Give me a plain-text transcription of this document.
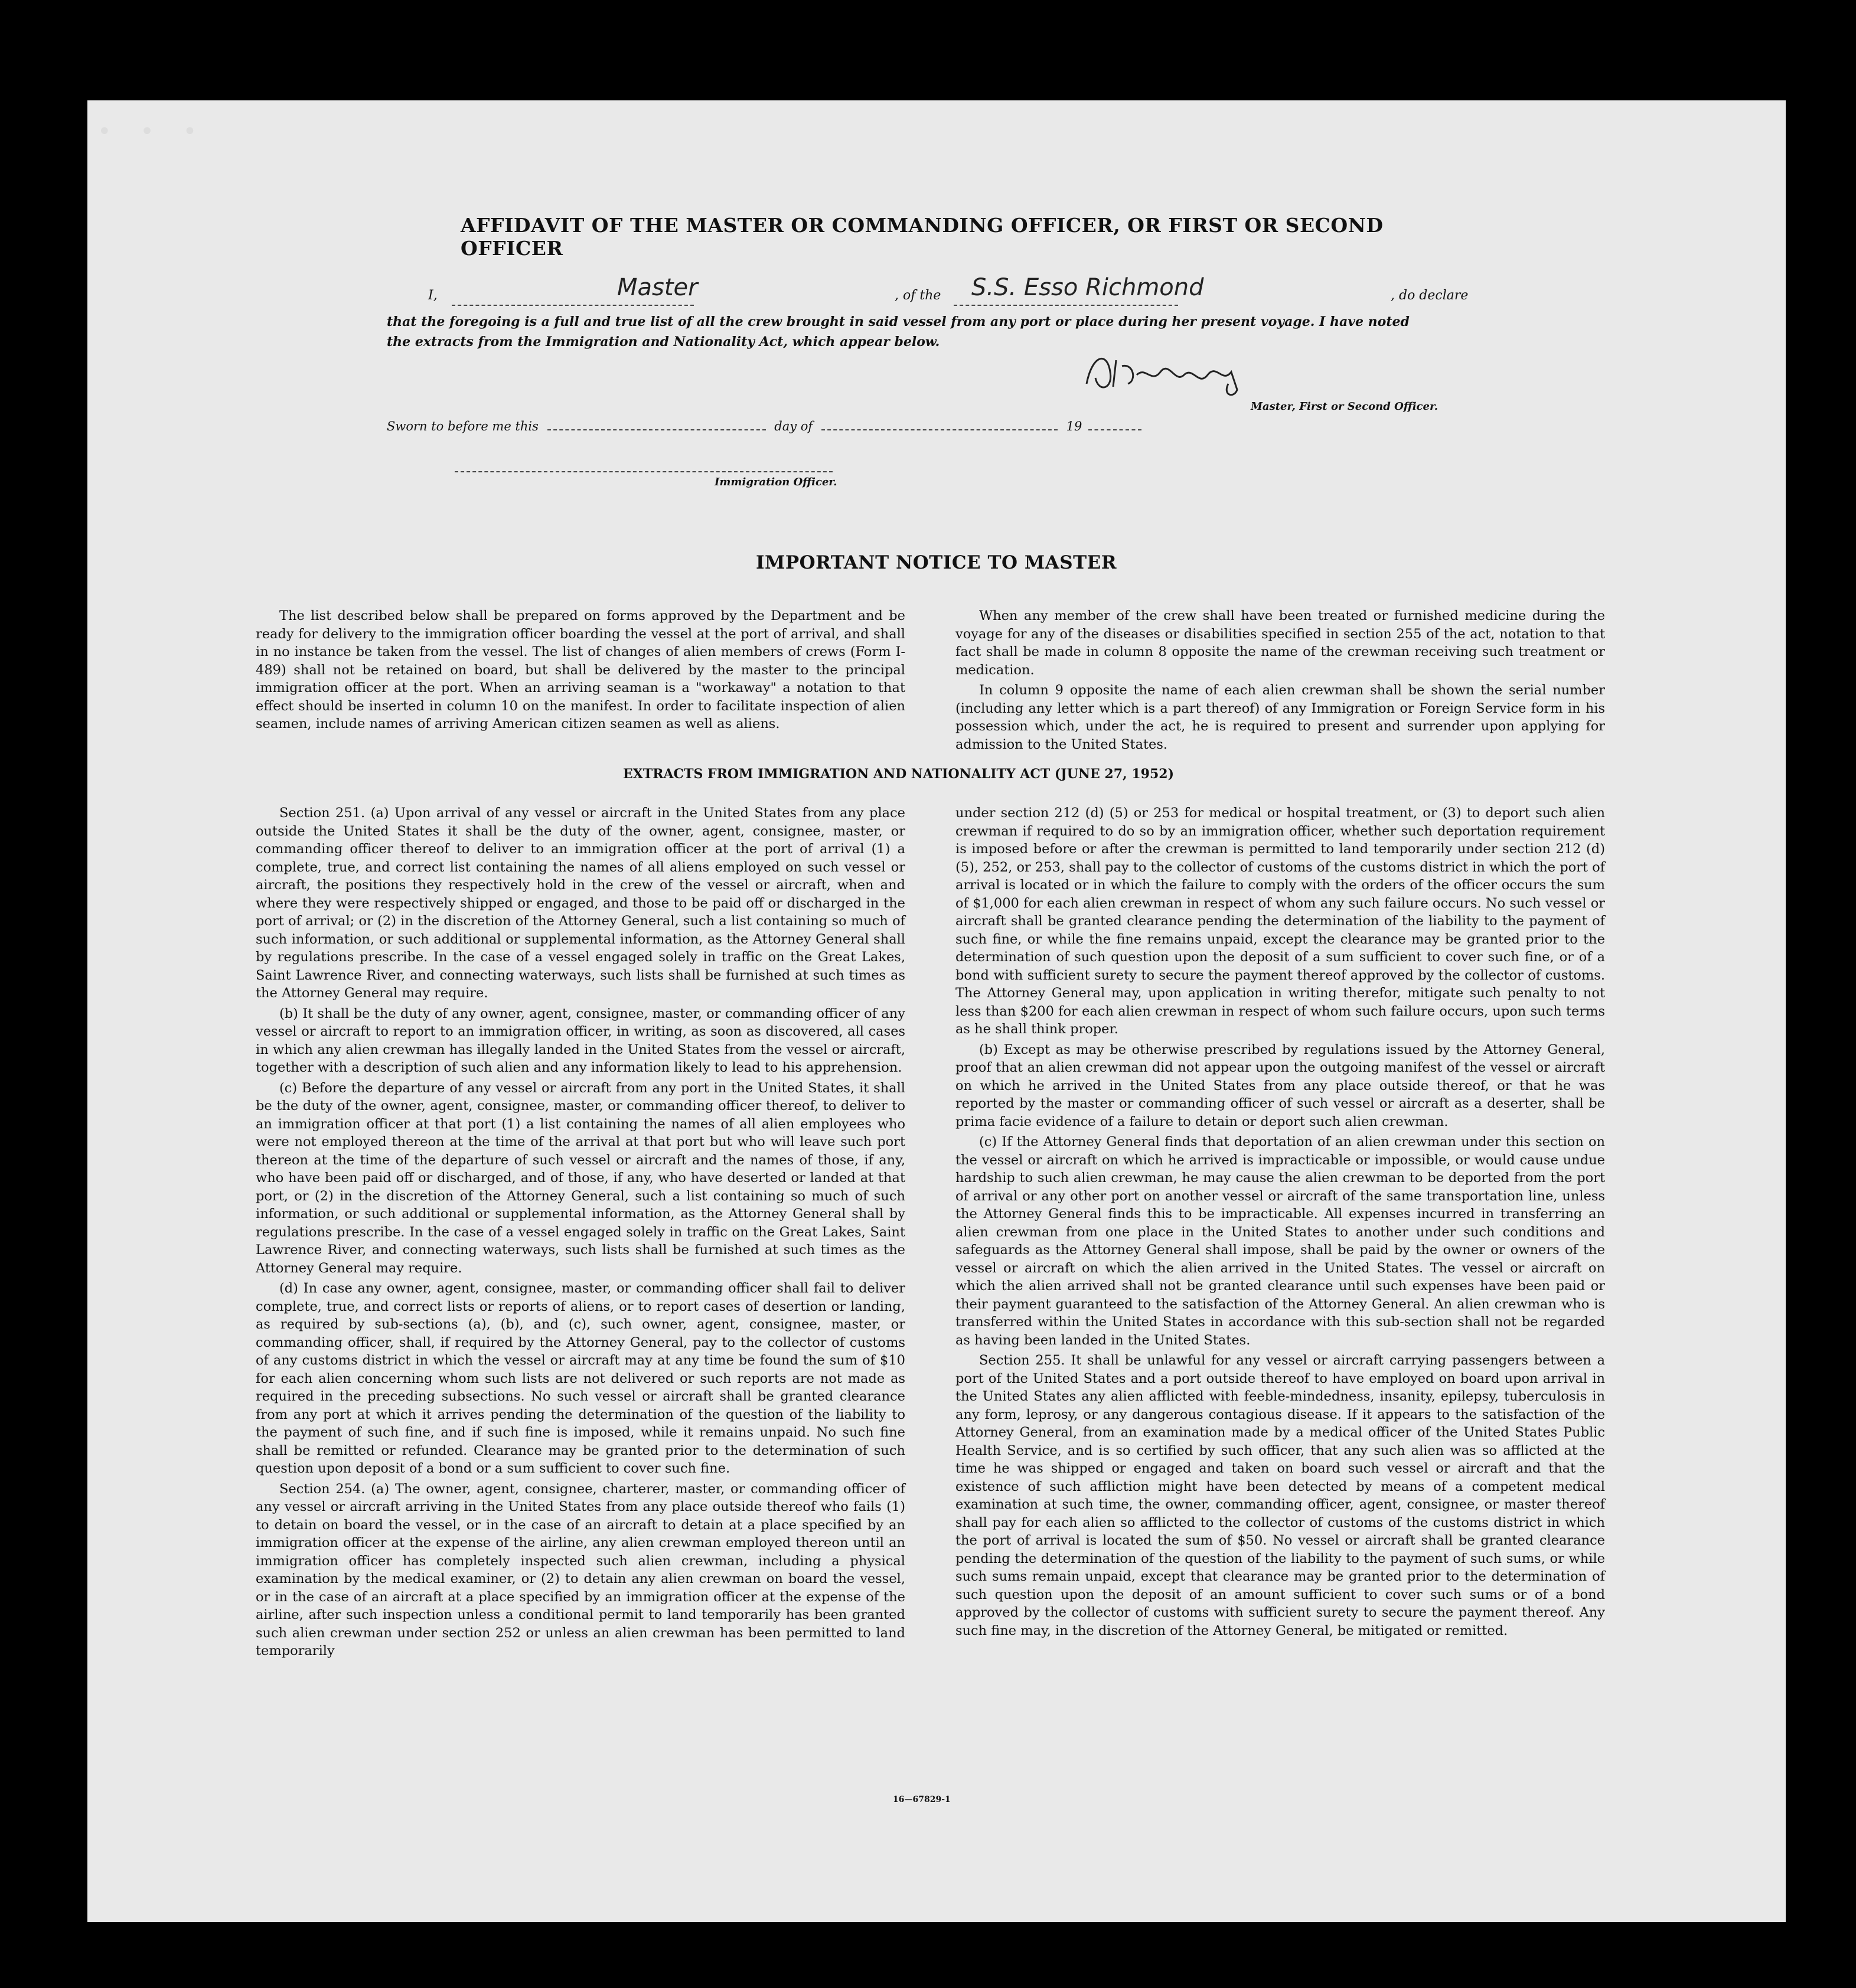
• • •
AFFIDAVIT OF THE MASTER OR COMMANDING OFFICER, OR FIRST OR SECOND OFFICER
I,	Master	, of the S.S. Esso Richmond	, do declare

that the foregoing is a full and true list of all the crew brought in said vessel from any port or place during her present voyage. I have noted

the extracts from the Immigration and Nationality Act, which appear below.

Master, First or Second Officer.
Sworn to before me this	day of	19
Immigration Officer.
IMPORTANT NOTICE TO MASTER

The list described below shall be prepared on forms approved by the Department and be ready for delivery to the immigration officer boarding the vessel at the port of arrival, and shall in no instance be taken from the vessel. The list of changes of alien members of crews (Form I-489) shall not be retained on board, but shall be delivered by the master to the principal immigration officer at the port. When an arriving seaman is a "workaway" a notation to that effect should be inserted in column 10 on the manifest. In order to facilitate inspection of alien seamen, include names of arriving American citizen seamen as well as aliens.

When any member of the crew shall have been treated or furnished medicine during the voyage for any of the diseases or disabilities specified in section 255 of the act, notation to that fact shall be made in column 8 opposite the name of the crewman receiving such treatment or medication.

In column 9 opposite the name of each alien crewman shall be shown the serial number (including any letter which is a part thereof) of any Immigration or Foreign Service form in his possession which, under the act, he is required to present and surrender upon applying for admission to the United States.

EXTRACTS FROM IMMIGRATION AND NATIONALITY ACT (JUNE 27, 1952)

Section 251. (a) Upon arrival of any vessel or aircraft in the United States from any place outside the United States it shall be the duty of the owner, agent, consignee, master, or commanding officer thereof to deliver to an immigration officer at the port of arrival (1) a complete, true, and correct list containing the names of all aliens employed on such vessel or aircraft, the positions they respectively hold in the crew of the vessel or aircraft, when and where they were respectively shipped or engaged, and those to be paid off or discharged in the port of arrival; or (2) in the discretion of the Attorney General, such a list containing so much of such information, or such additional or supplemental information, as the Attorney General shall by regulations prescribe. In the case of a vessel engaged solely in traffic on the Great Lakes, Saint Lawrence River, and connecting waterways, such lists shall be furnished at such times as the Attorney General may require.

(b) It shall be the duty of any owner, agent, consignee, master, or commanding officer of any vessel or aircraft to report to an immigration officer, in writing, as soon as discovered, all cases in which any alien crewman has illegally landed in the United States from the vessel or aircraft, together with a description of such alien and any information likely to lead to his apprehension.

(c) Before the departure of any vessel or aircraft from any port in the United States, it shall be the duty of the owner, agent, consignee, master, or commanding officer thereof, to deliver to an immigration officer at that port (1) a list containing the names of all alien employees who were not employed thereon at the time of the arrival at that port but who will leave such port thereon at the time of the departure of such vessel or aircraft and the names of those, if any, who have been paid off or discharged, and of those, if any, who have deserted or landed at that port, or (2) in the discretion of the Attorney General, such a list containing so much of such information, or such additional or supplemental information, as the Attorney General shall by regulations prescribe. In the case of a vessel engaged solely in traffic on the Great Lakes, Saint Lawrence River, and connecting waterways, such lists shall be furnished at such times as the Attorney General may require.

(d) In case any owner, agent, consignee, master, or commanding officer shall fail to deliver complete, true, and correct lists or reports of aliens, or to report cases of desertion or landing, as required by sub-sections (a), (b), and (c), such owner, agent, consignee, master, or commanding officer, shall, if required by the Attorney General, pay to the collector of customs of any customs district in which the vessel or aircraft may at any time be found the sum of $10 for each alien concerning whom such lists are not delivered or such reports are not made as required in the preceding subsections. No such vessel or aircraft shall be granted clearance from any port at which it arrives pending the determination of the question of the liability to the payment of such fine, and if such fine is imposed, while it remains unpaid. No such fine shall be remitted or refunded. Clearance may be granted prior to the determination of such question upon deposit of a bond or a sum sufficient to cover such fine.

Section 254. (a) The owner, agent, consignee, charterer, master, or commanding officer of any vessel or aircraft arriving in the United States from any place outside thereof who fails (1) to detain on board the vessel, or in the case of an aircraft to detain at a place specified by an immigration officer at the expense of the airline, any alien crewman employed thereon until an immigration officer has completely inspected such alien crewman, including a physical examination by the medical examiner, or (2) to detain any alien crewman on board the vessel, or in the case of an aircraft at a place specified by an immigration officer at the expense of the airline, after such inspection unless a conditional permit to land temporarily has been granted such alien crewman under section 252 or unless an alien crewman has been permitted to land temporarily

under section 212 (d) (5) or 253 for medical or hospital treatment, or (3) to deport such alien crewman if required to do so by an immigration officer, whether such deportation requirement is imposed before or after the crewman is permitted to land temporarily under section 212 (d) (5), 252, or 253, shall pay to the collector of customs of the customs district in which the port of arrival is located or in which the failure to comply with the orders of the officer occurs the sum of $1,000 for each alien crewman in respect of whom any such failure occurs. No such vessel or aircraft shall be granted clearance pending the determination of the liability to the payment of such fine, or while the fine remains unpaid, except the clearance may be granted prior to the determination of such question upon the deposit of a sum sufficient to cover such fine, or of a bond with sufficient surety to secure the payment thereof approved by the collector of customs. The Attorney General may, upon application in writing therefor, mitigate such penalty to not less than $200 for each alien crewman in respect of whom such failure occurs, upon such terms as he shall think proper.

(b) Except as may be otherwise prescribed by regulations issued by the Attorney General, proof that an alien crewman did not appear upon the outgoing manifest of the vessel or aircraft on which he arrived in the United States from any place outside thereof, or that he was reported by the master or commanding officer of such vessel or aircraft as a deserter, shall be prima facie evidence of a failure to detain or deport such alien crewman.

(c) If the Attorney General finds that deportation of an alien crewman under this section on the vessel or aircraft on which he arrived is impracticable or impossible, or would cause undue hardship to such alien crewman, he may cause the alien crewman to be deported from the port of arrival or any other port on another vessel or aircraft of the same transportation line, unless the Attorney General finds this to be impracticable. All expenses incurred in transferring an alien crewman from one place in the United States to another under such conditions and safeguards as the Attorney General shall impose, shall be paid by the owner or owners of the vessel or aircraft on which the alien arrived in the United States. The vessel or aircraft on which the alien arrived shall not be granted clearance until such expenses have been paid or their payment guaranteed to the satisfaction of the Attorney General. An alien crewman who is transferred within the United States in accordance with this sub-section shall not be regarded as having been landed in the United States.

Section 255. It shall be unlawful for any vessel or aircraft carrying passengers between a port of the United States and a port outside thereof to have employed on board upon arrival in the United States any alien afflicted with feeble-mindedness, insanity, epilepsy, tuberculosis in any form, leprosy, or any dangerous contagious disease. If it appears to the satisfaction of the Attorney General, from an examination made by a medical officer of the United States Public Health Service, and is so certified by such officer, that any such alien was so afflicted at the time he was shipped or engaged and taken on board such vessel or aircraft and that the existence of such affliction might have been detected by means of a competent medical examination at such time, the owner, commanding officer, agent, consignee, or master thereof shall pay for each alien so afflicted to the collector of customs of the customs district in which the port of arrival is located the sum of $50. No vessel or aircraft shall be granted clearance pending the determination of the question of the liability to the payment of such sums, or while such sums remain unpaid, except that clearance may be granted prior to the determination of such question upon the deposit of an amount sufficient to cover such sums or of a bond approved by the collector of customs with sufficient surety to secure the payment thereof. Any such fine may, in the discretion of the Attorney General, be mitigated or remitted.

16—67829-1
